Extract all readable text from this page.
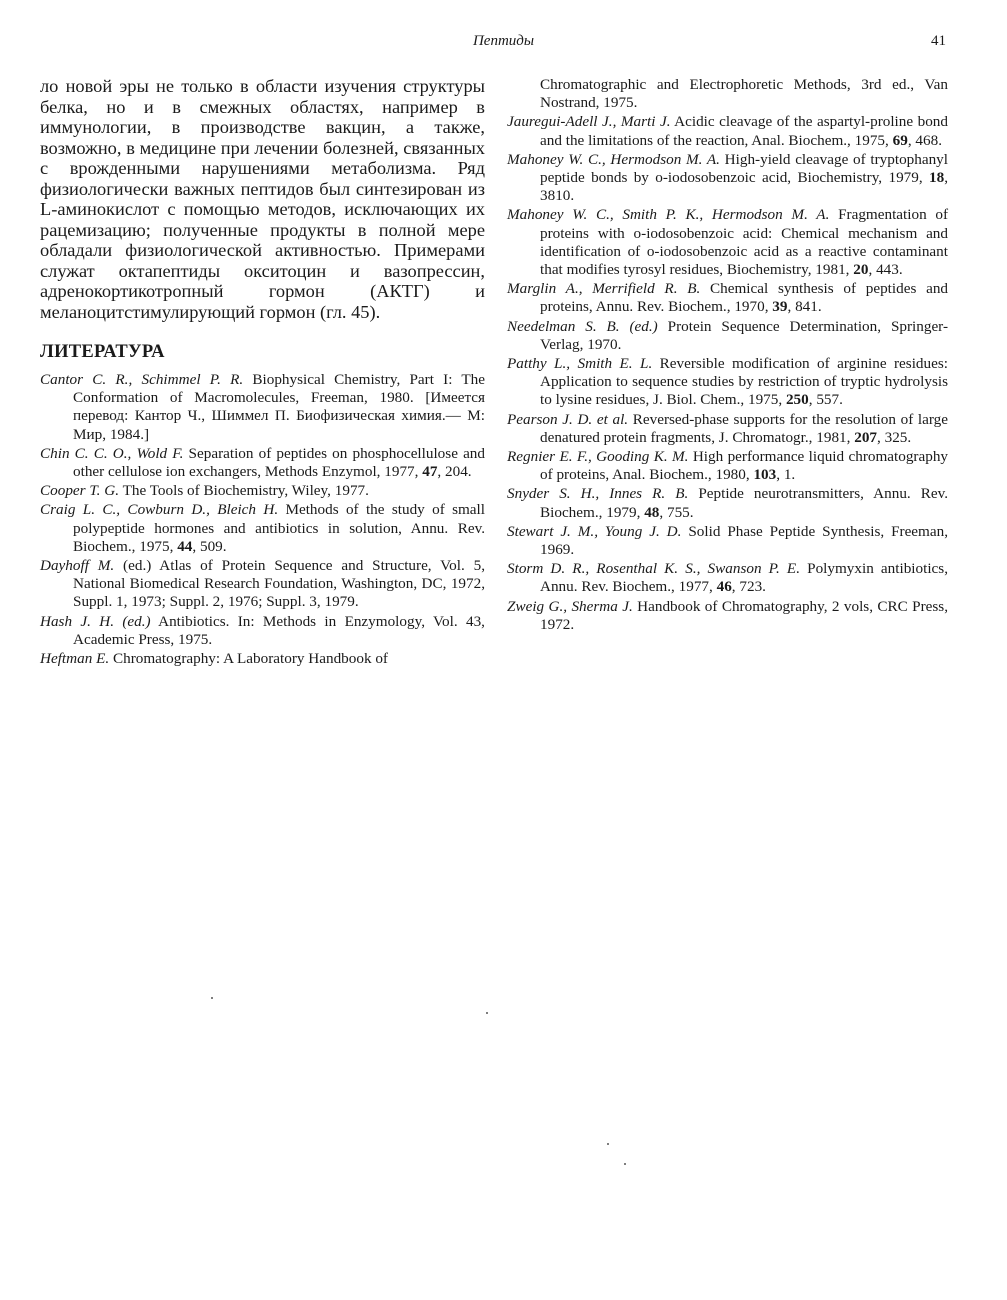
Пептиды	41

ло новой эры не только в области изучения структуры белка, но и в смежных областях, например в иммунологии, в производстве вакцин, а также, возможно, в медицине при лечении болезней, связанных с врожденными нарушениями метаболизма. Ряд физиологически важных пептидов был синтезирован из L-аминокислот с помощью методов, исключающих их рацемизацию; полученные продукты в полной мере обладали физиологической активностью. Примерами служат октапептиды окситоцин и вазопрессин, адренокортикотропный гормон (АКТГ) и меланоцитстимулирующий гормон (гл. 45).

ЛИТЕРАТУРА

Cantor C. R., Schimmel P. R. Biophysical Chemistry, Part I: The Conformation of Macromolecules, Freeman, 1980. [Имеется перевод: Кантор Ч., Шиммел П. Биофизическая химия.— М: Мир, 1984.]

Chin C. C. O., Wold F. Separation of peptides on phosphocellulose and other cellulose ion exchangers, Methods Enzymol, 1977, 47, 204.

Cooper T. G. The Tools of Biochemistry, Wiley, 1977.

Craig L. C., Cowburn D., Bleich H. Methods of the study of small polypeptide hormones and antibiotics in solution, Annu. Rev. Biochem., 1975, 44, 509.

Dayhoff M. (ed.) Atlas of Protein Sequence and Structure, Vol. 5, National Biomedical Research Foundation, Washington, DC, 1972, Suppl. 1, 1973; Suppl. 2, 1976; Suppl. 3, 1979.

Hash J. H. (ed.) Antibiotics. In: Methods in Enzymology, Vol. 43, Academic Press, 1975.

Heftman E. Chromatography: A Laboratory Handbook of

Chromatographic and Electrophoretic Methods, 3rd ed., Van Nostrand, 1975.

Jauregui-Adell J., Marti J. Acidic cleavage of the aspartyl-proline bond and the limitations of the reaction, Anal. Biochem., 1975, 69, 468.

Mahoney W. C., Hermodson M. A. High-yield cleavage of tryptophanyl peptide bonds by o-iodosobenzoic acid, Biochemistry, 1979, 18, 3810.

Mahoney W. C., Smith P. K., Hermodson M. A. Fragmentation of proteins with o-iodosobenzoic acid: Chemical mechanism and identification of o-iodosobenzoic acid as a reactive contaminant that modifies tyrosyl residues, Biochemistry, 1981, 20, 443.

Marglin A., Merrifield R. B. Chemical synthesis of peptides and proteins, Annu. Rev. Biochem., 1970, 39, 841.

Needelman S. B. (ed.) Protein Sequence Determination, Springer-Verlag, 1970.

Patthy L., Smith E. L. Reversible modification of arginine residues: Application to sequence studies by restriction of tryptic hydrolysis to lysine residues, J. Biol. Chem., 1975, 250, 557.

Pearson J. D. et al. Reversed-phase supports for the resolution of large denatured protein fragments, J. Chromatogr., 1981, 207, 325.

Regnier E. F., Gooding K. M. High performance liquid chromatography of proteins, Anal. Biochem., 1980, 103, 1.

Snyder S. H., Innes R. B. Peptide neurotransmitters, Annu. Rev. Biochem., 1979, 48, 755.

Stewart J. M., Young J. D. Solid Phase Peptide Synthesis, Freeman, 1969.

Storm D. R., Rosenthal K. S., Swanson P. E. Polymyxin antibiotics, Annu. Rev. Biochem., 1977, 46, 723.

Zweig G., Sherma J. Handbook of Chromatography, 2 vols, CRC Press, 1972.
